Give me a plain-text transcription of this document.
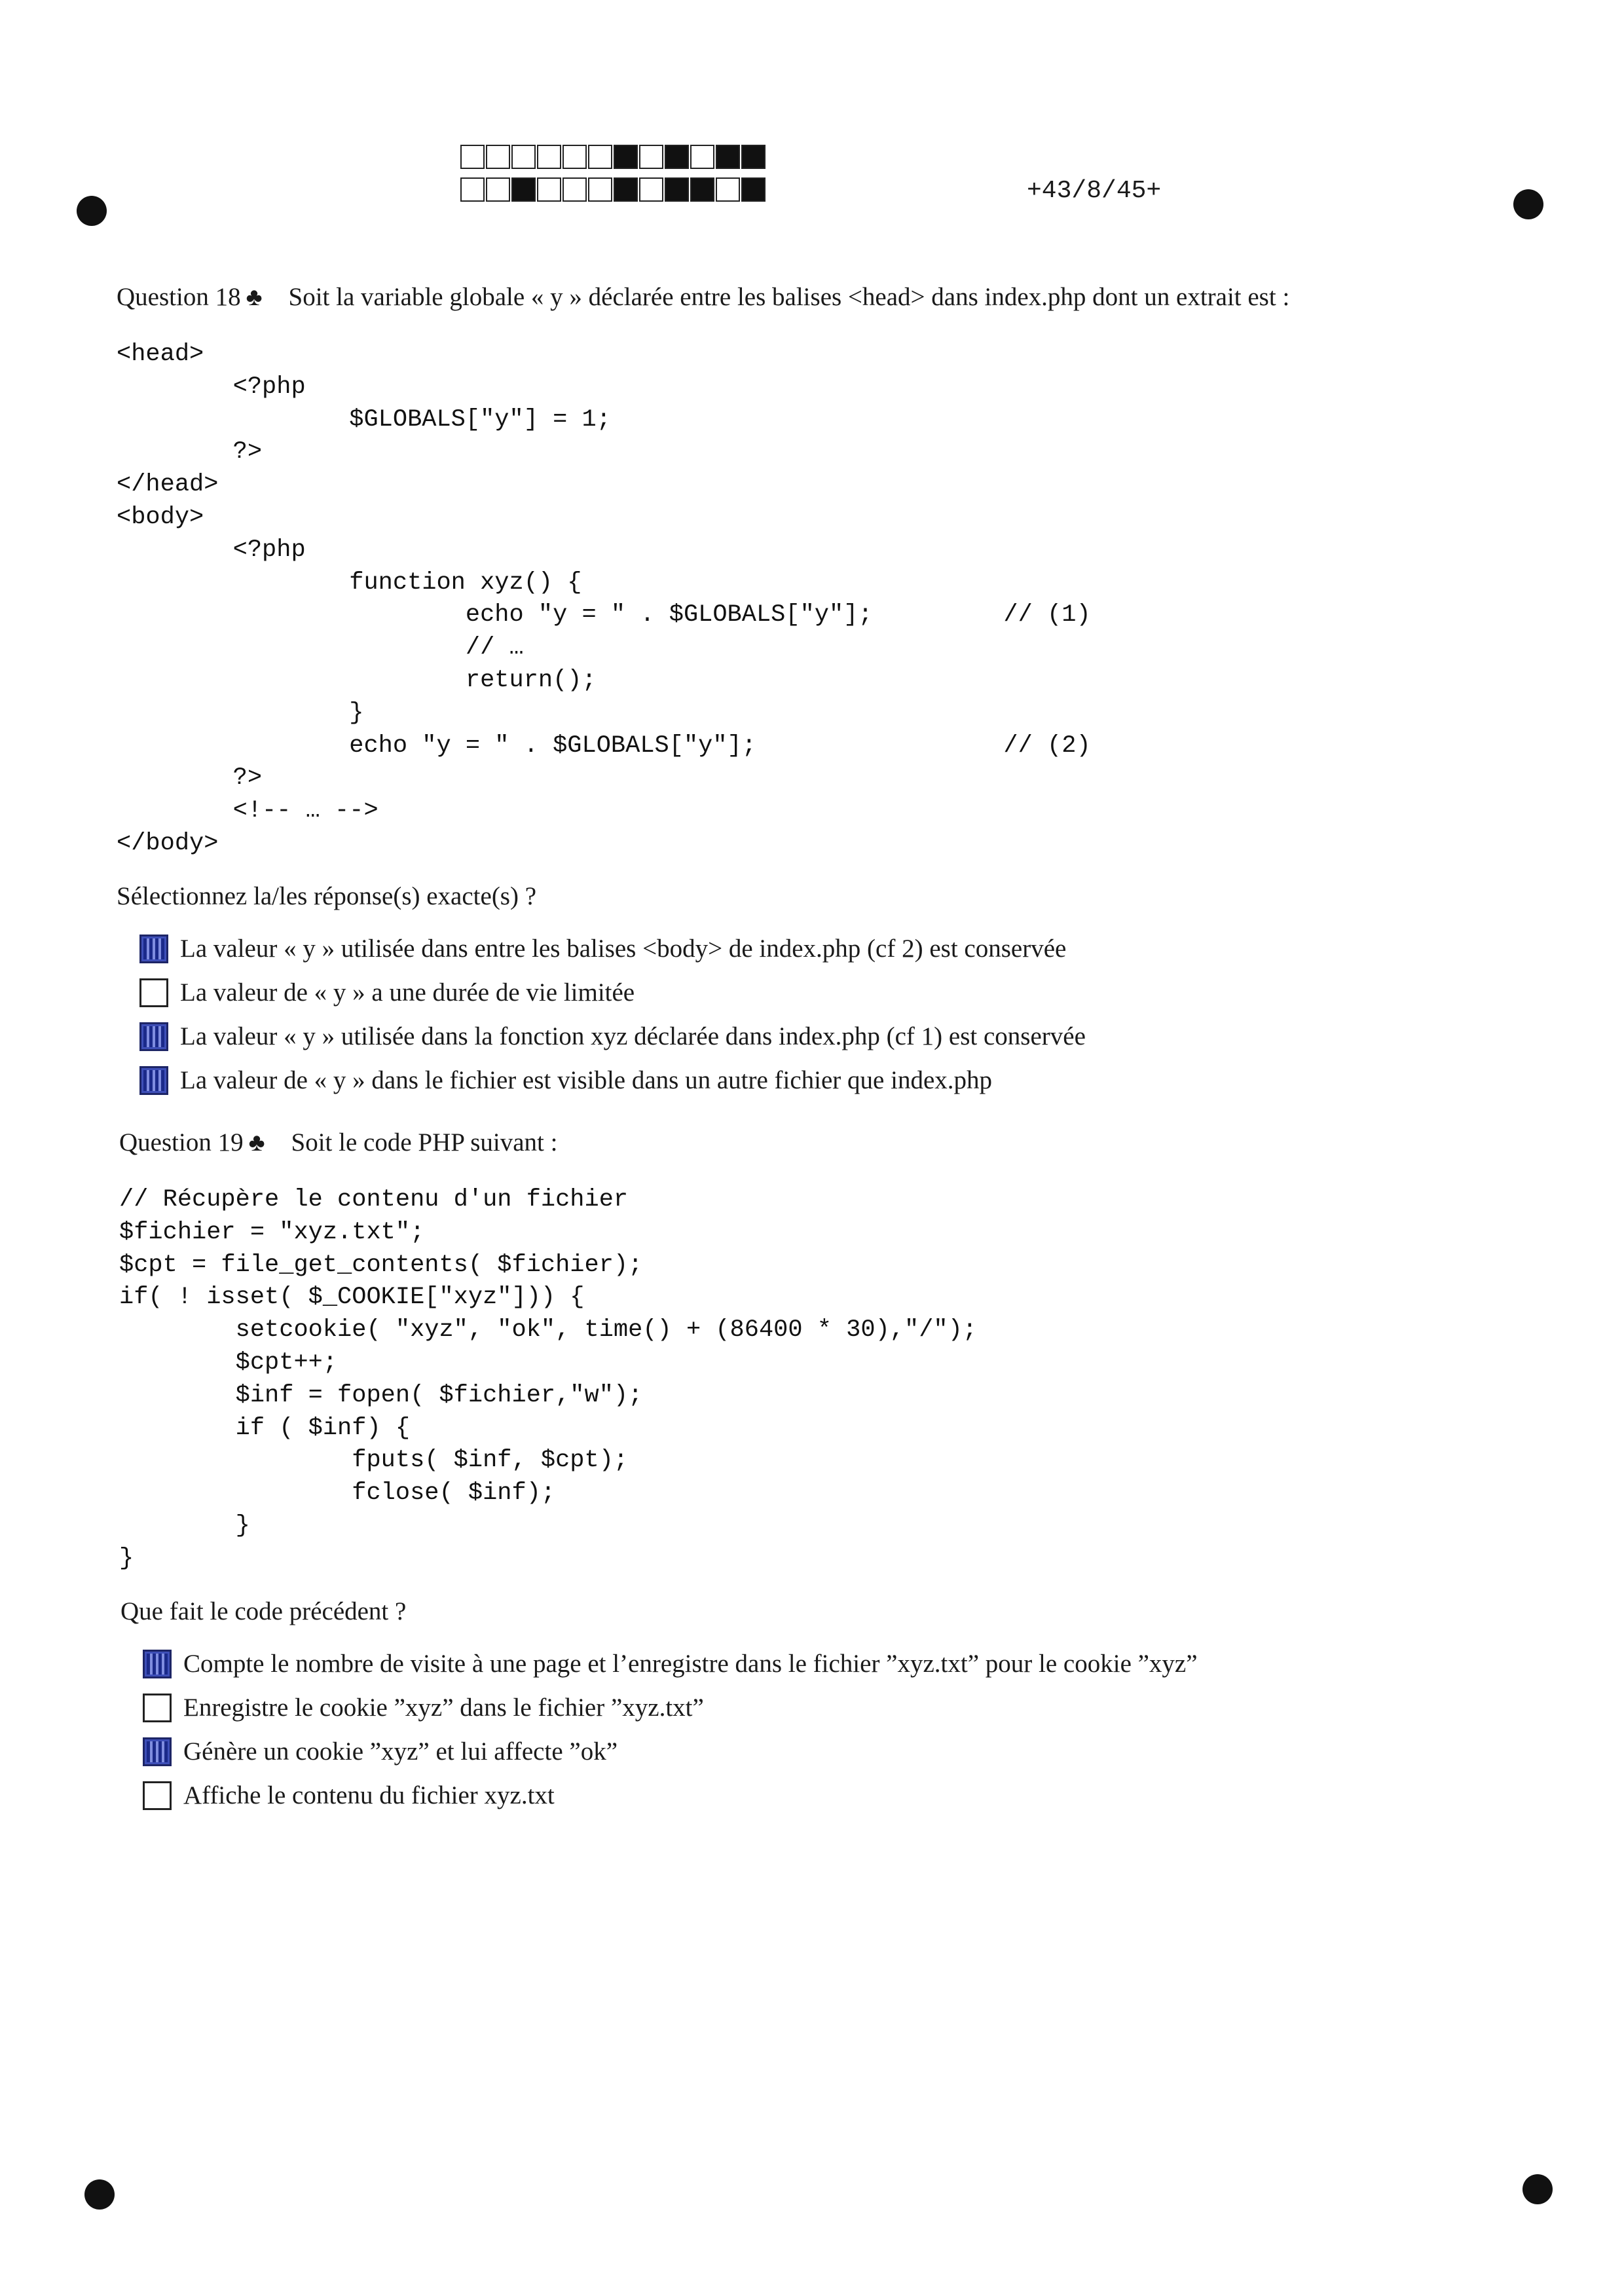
+43/8/45+
Question 18 ♣ Soit la variable globale « y » déclarée entre les balises <head> dans index.php dont un extrait est :
<head>
<?php
$GLOBALS["y"] = 1;
?>
</head>
<body>
<?php
function xyz() {
echo "y = " . $GLOBALS["y"];         // (1)
// …
return();
}
echo "y = " . $GLOBALS["y"];                 // (2)
?>
<!-- … -->
</body>
Sélectionnez la/les réponse(s) exacte(s) ?
La valeur « y » utilisée dans entre les balises <body> de index.php (cf 2) est conservée
La valeur de « y » a une durée de vie limitée
La valeur « y » utilisée dans la fonction xyz déclarée dans index.php (cf 1) est conservée
La valeur de « y » dans le fichier est visible dans un autre fichier que index.php
Question 19 ♣ Soit le code PHP suivant :
// Récupère le contenu d'un fichier
$fichier = "xyz.txt";
$cpt = file_get_contents( $fichier);
if( ! isset( $_COOKIE["xyz"])) {
setcookie( "xyz", "ok", time() + (86400 * 30),"/");
$cpt++;
$inf = fopen( $fichier,"w");
if ( $inf) {
fputs( $inf, $cpt);
fclose( $inf);
}
}
Que fait le code précédent ?
Compte le nombre de visite à une page et l’enregistre dans le fichier ”xyz.txt” pour le cookie ”xyz”
Enregistre le cookie ”xyz” dans le fichier ”xyz.txt”
Génère un cookie ”xyz” et lui affecte ”ok”
Affiche le contenu du fichier xyz.txt
